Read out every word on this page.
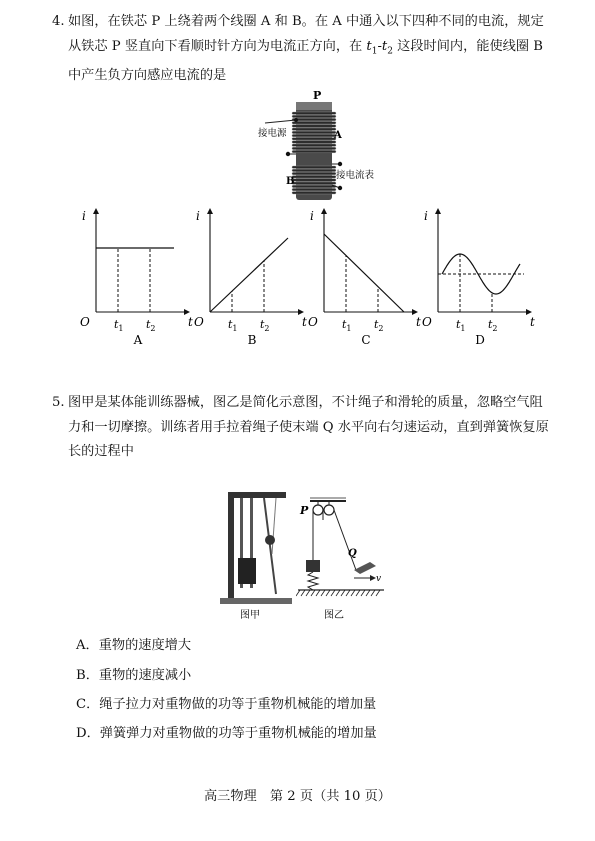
4. 如图，在铁芯 P 上绕着两个线圈 A 和 B。在 A 中通入以下四种不同的电流，规定从铁芯 P 竖直向下看顺时针方向为电流正方向，在 $t_1-t_2$ 这段时间内，能使线圈 B 中产生负方向感应电流的是
P
接电源	A
B
接电流表
i
t
O $t_1$ $t_2$
A
i
t
O $t_1$ $t_2$
B
i
t
O $t_1$ $t_2$
C
i
t
O $t_1$ $t_2$
D
5. 图甲是某体能训练器械，图乙是简化示意图，不计绳子和滑轮的质量，忽略空气阻力和一切摩擦。训练者用手拉着绳子使末端 Q 水平向右匀速运动，直到弹簧恢复原长的过程中
图甲
P
Q
v
图乙
A．重物的速度增大
B．重物的速度减小
C．绳子拉力对重物做的功等于重物机械能的增加量
D．弹簧弹力对重物做的功等于重物机械能的增加量
高三物理　第 2 页（共 10 页）
